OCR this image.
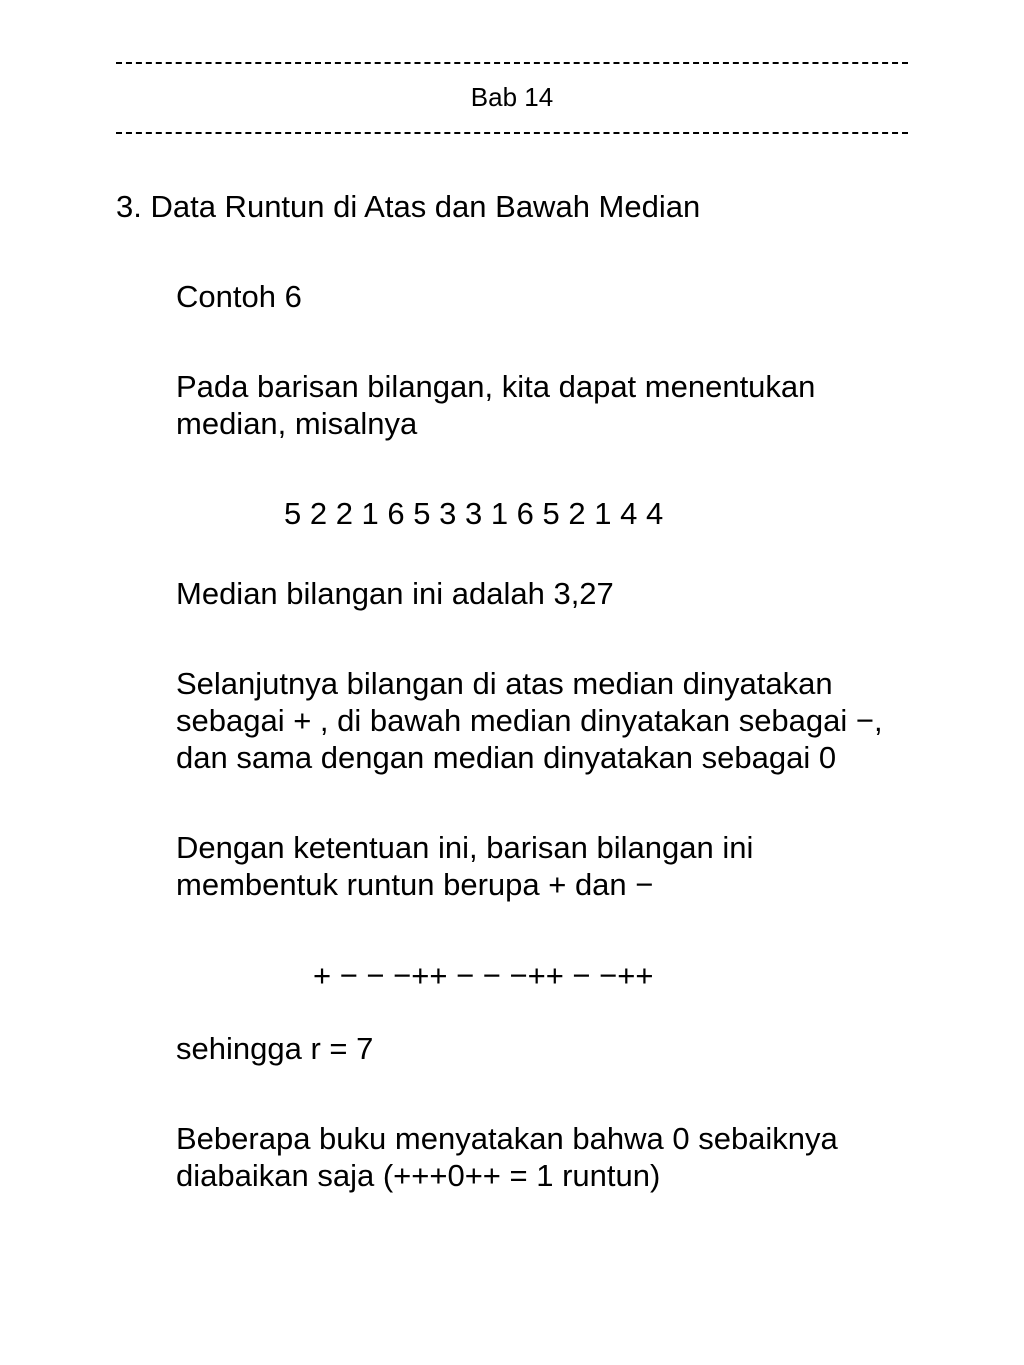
Bab 14
3. Data Runtun di Atas dan Bawah Median
Contoh 6
Pada barisan bilangan, kita dapat menentukan
median, misalnya
5 2 2 1 6 5 3 3 1 6 5 2 1 4 4
Median bilangan ini adalah 3,27
Selanjutnya bilangan di atas median dinyatakan
sebagai + , di bawah median dinyatakan sebagai −,
dan sama dengan median dinyatakan sebagai 0
Dengan ketentuan ini, barisan bilangan ini
membentuk runtun berupa + dan −
+ − − −++ − − −++ − −++
sehingga r = 7
Beberapa buku menyatakan bahwa 0 sebaiknya
diabaikan saja (+++0++ = 1 runtun)
